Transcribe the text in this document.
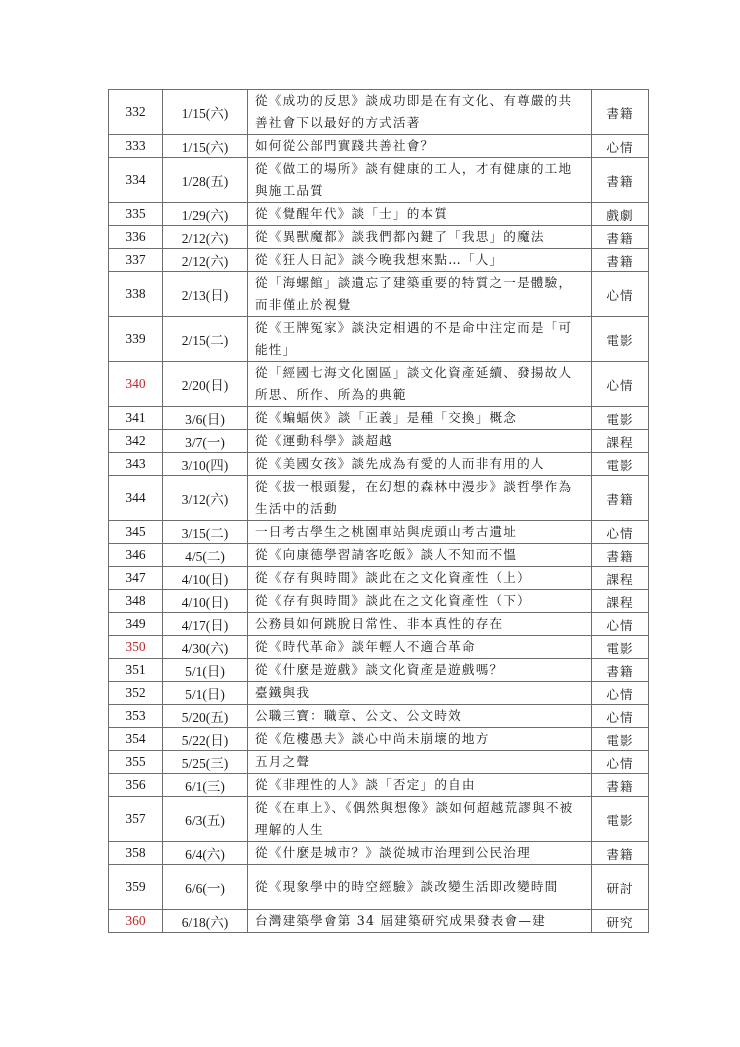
332	1/15(六)	從《成功的反思》談成功即是在有文化、有尊嚴的共善社會下以最好的方式活著	書籍
333	1/15(六)	如何從公部門實踐共善社會？	心情
334	1/28(五)	從《做工的場所》談有健康的工人，才有健康的工地與施工品質	書籍
335	1/29(六)	從《覺醒年代》談「士」的本質	戲劇
336	2/12(六)	從《異獸魔都》談我們都內鍵了「我思」的魔法	書籍
337	2/12(六)	從《狂人日記》談今晚我想來點…「人」	書籍
338	2/13(日)	從「海螺館」談遺忘了建築重要的特質之一是體驗，而非僅止於視覺	心情
339	2/15(二)	從《王牌冤家》談決定相遇的不是命中注定而是「可能性」	電影
340	2/20(日)	從「經國七海文化園區」談文化資產延續、發揚故人所思、所作、所為的典範	心情
341	3/6(日)	從《蝙蝠俠》談「正義」是種「交換」概念	電影
342	3/7(一)	從《運動科學》談超越	課程
343	3/10(四)	從《美國女孩》談先成為有愛的人而非有用的人	電影
344	3/12(六)	從《拔一根頭髮，在幻想的森林中漫步》談哲學作為生活中的活動	書籍
345	3/15(二)	一日考古學生之桃園車站與虎頭山考古遺址	心情
346	4/5(二)	從《向康德學習請客吃飯》談人不知而不慍	書籍
347	4/10(日)	從《存有與時間》談此在之文化資產性（上）	課程
348	4/10(日)	從《存有與時間》談此在之文化資產性（下）	課程
349	4/17(日)	公務員如何跳脫日常性、非本真性的存在	心情
350	4/30(六)	從《時代革命》談年輕人不適合革命	電影
351	5/1(日)	從《什麼是遊戲》談文化資產是遊戲嗎？	書籍
352	5/1(日)	臺鐵與我	心情
353	5/20(五)	公職三寶：職章、公文、公文時效	心情
354	5/22(日)	從《危樓愚夫》談心中尚未崩壞的地方	電影
355	5/25(三)	五月之聲	心情
356	6/1(三)	從《非理性的人》談「否定」的自由	書籍
357	6/3(五)	從《在車上》、《偶然與想像》談如何超越荒謬與不被理解的人生	電影
358	6/4(六)	從《什麼是城市？》談從城市治理到公民治理	書籍
359	6/6(一)	從《現象學中的時空經驗》談改變生活即改變時間	研討
360	6/18(六)	台灣建築學會第 34 屆建築研究成果發表會—建	研究
